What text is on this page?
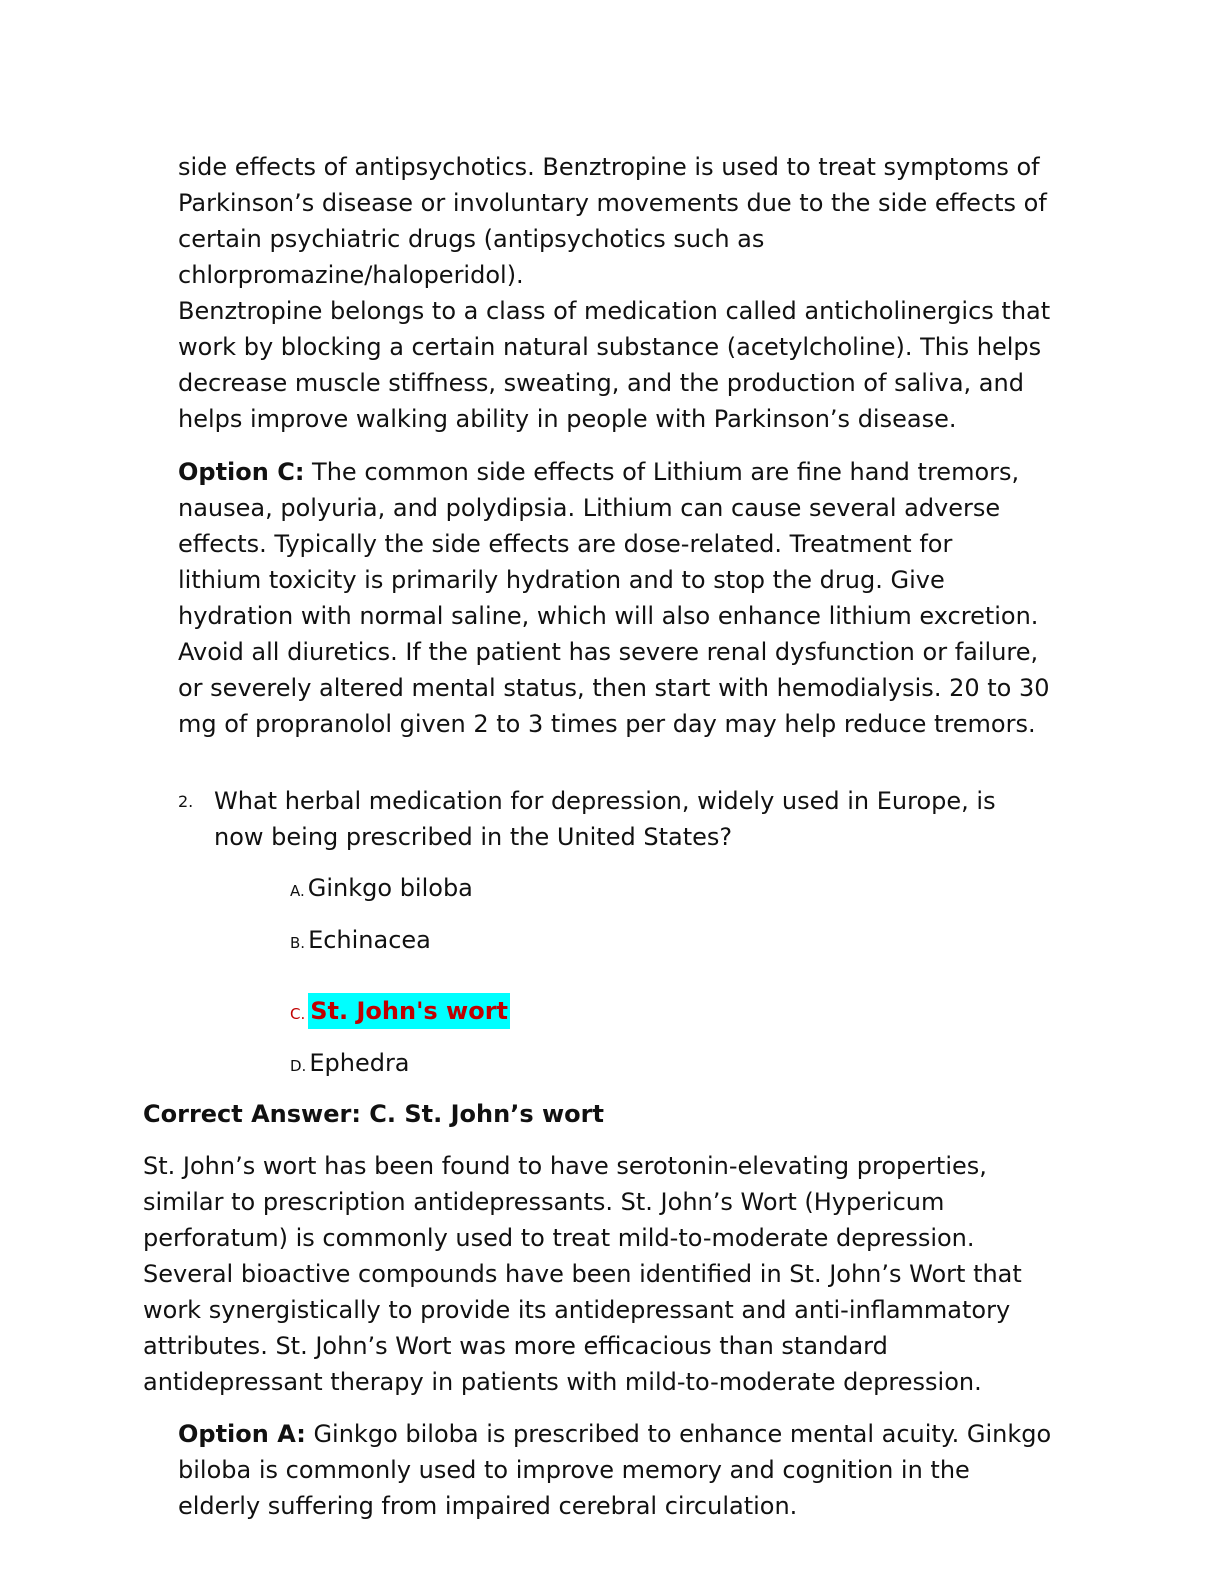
side effects of antipsychotics. Benztropine is used to treat symptoms of
Parkinson’s disease or involuntary movements due to the side effects of
certain psychiatric drugs (antipsychotics such as
chlorpromazine/haloperidol).
Benztropine belongs to a class of medication called anticholinergics that
work by blocking a certain natural substance (acetylcholine). This helps
decrease muscle stiffness, sweating, and the production of saliva, and
helps improve walking ability in people with Parkinson’s disease.
Option C: The common side effects of Lithium are fine hand tremors,
nausea, polyuria, and polydipsia. Lithium can cause several adverse
effects. Typically the side effects are dose-related. Treatment for
lithium toxicity is primarily hydration and to stop the drug. Give
hydration with normal saline, which will also enhance lithium excretion.
Avoid all diuretics. If the patient has severe renal dysfunction or failure,
or severely altered mental status, then start with hemodialysis. 20 to 30
mg of propranolol given 2 to 3 times per day may help reduce tremors.
2. What herbal medication for depression, widely used in Europe, is
now being prescribed in the United States?
A. Ginkgo biloba
B. Echinacea
C. St. John's wort
D. Ephedra
Correct Answer: C. St. John’s wort
St. John’s wort has been found to have serotonin-elevating properties,
similar to prescription antidepressants. St. John’s Wort (Hypericum
perforatum) is commonly used to treat mild-to-moderate depression.
Several bioactive compounds have been identified in St. John’s Wort that
work synergistically to provide its antidepressant and anti-inflammatory
attributes. St. John’s Wort was more efficacious than standard
antidepressant therapy in patients with mild-to-moderate depression.
Option A: Ginkgo biloba is prescribed to enhance mental acuity. Ginkgo
biloba is commonly used to improve memory and cognition in the
elderly suffering from impaired cerebral circulation.
